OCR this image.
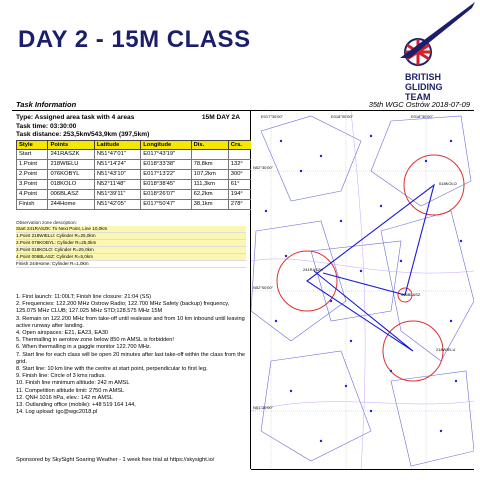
DAY 2 - 15M CLASS
BRITISH
GLIDING
TEAM
Task Information	35th WGC Ostrów 2018-07-09
Type: Assigned area task with 4 areas
Task time: 03:30:00
Task distance: 253,5km/543,9km (397,5km)
15M DAY 2A
Style	Points	Latitude	Longitude	Dis.	Crs.
Start	241RASZK	N51°47'01"	E017°43'19"		
1.Point	218WIELU	N51°14'24"	E018°33'38"	78,8km	132°
2.Point	076KOBYL	N51°43'10"	E017°13'22"	107,2km	300°
3.Point	018KOLO	N52°11'48"	E018°38'45"	111,3km	61°
4.Point	006BLASZ	N51°39'11"	E018°26'07"	62,2km	194°
Finish	244Home	N51°42'05"	E017°50'47"	38,1km	278°
Observation zone description:
Start 241RASZK: To Next Point, Line 10,0km
1.Point 218WIELU: Cylinder R=25,0km
2.Point 076KOBYL: Cylinder R=25,0km
3.Point 018KOLO: Cylinder R=25,0km
4.Point 006BLASZ: Cylinder R=5,0km
Finish 244Home: Cylinder R=1,0km
1. First launch: 11:00LT; Finish line closure: 21:04 (SS)
2. Frequencies: 122.200 MHz Ostrow Radio; 122.700 MHz Safety (backup) frequency, 125.075 MHz CLUB; 127.025 MHz STD;128.575 MHz 15M
3. Remain on 122.200 MHz from take-off until realease and from 10 km inbound until leaving active runway after landing.
4. Open airspaces: E21, EA23, EA30
5. Thermalling in aerotow zone below 850 m AMSL is forbidden!
6. When thermalling in a gaggle monitor 122.700 MHz.
7. Start line for each class will be open 20 minutes after last take-off within the class from the grid.
8. Start line: 10 km line with the centre at start point, perpendicular to first leg.
9. Finish line: Circle of 3 kms radius.
10. Finish line minimum altitude: 242 m AMSL
11. Competition altitude limit: 2750 m AMSL
12. QNH 1016 hPa, elev.: 142 m AMSL
13. Outlanding office (mobile): +48 519 164 144,
14. Log upload: igc@wgc2018.pl
Sponsored by SkySight Soaring Weather - 1 week free trial at https://skysight.io/
E017°30'00"	E018°00'00"	E018°30'00"
N52°30'00"
N52°00'00"
N51°30'00"
018KOLO
241RASZK
006BLASZ
218WIELU
